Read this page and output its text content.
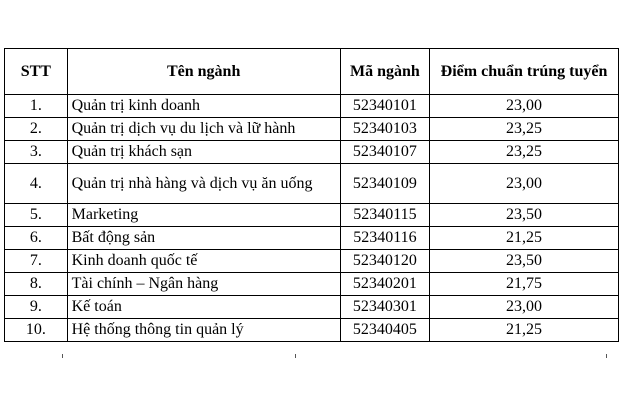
STT	Tên ngành	Mã ngành	Điểm chuẩn trúng tuyển
1.	Quản trị kinh doanh	52340101	23,00
2.	Quản trị dịch vụ du lịch và lữ hành	52340103	23,25
3.	Quản trị khách sạn	52340107	23,25
4.	Quản trị nhà hàng và dịch vụ ăn uống	52340109	23,00
5.	Marketing	52340115	23,50
6.	Bất động sản	52340116	21,25
7.	Kinh doanh quốc tế	52340120	23,50
8.	Tài chính – Ngân hàng	52340201	21,75
9.	Kế toán	52340301	23,00
10.	Hệ thống thông tin quản lý	52340405	21,25
